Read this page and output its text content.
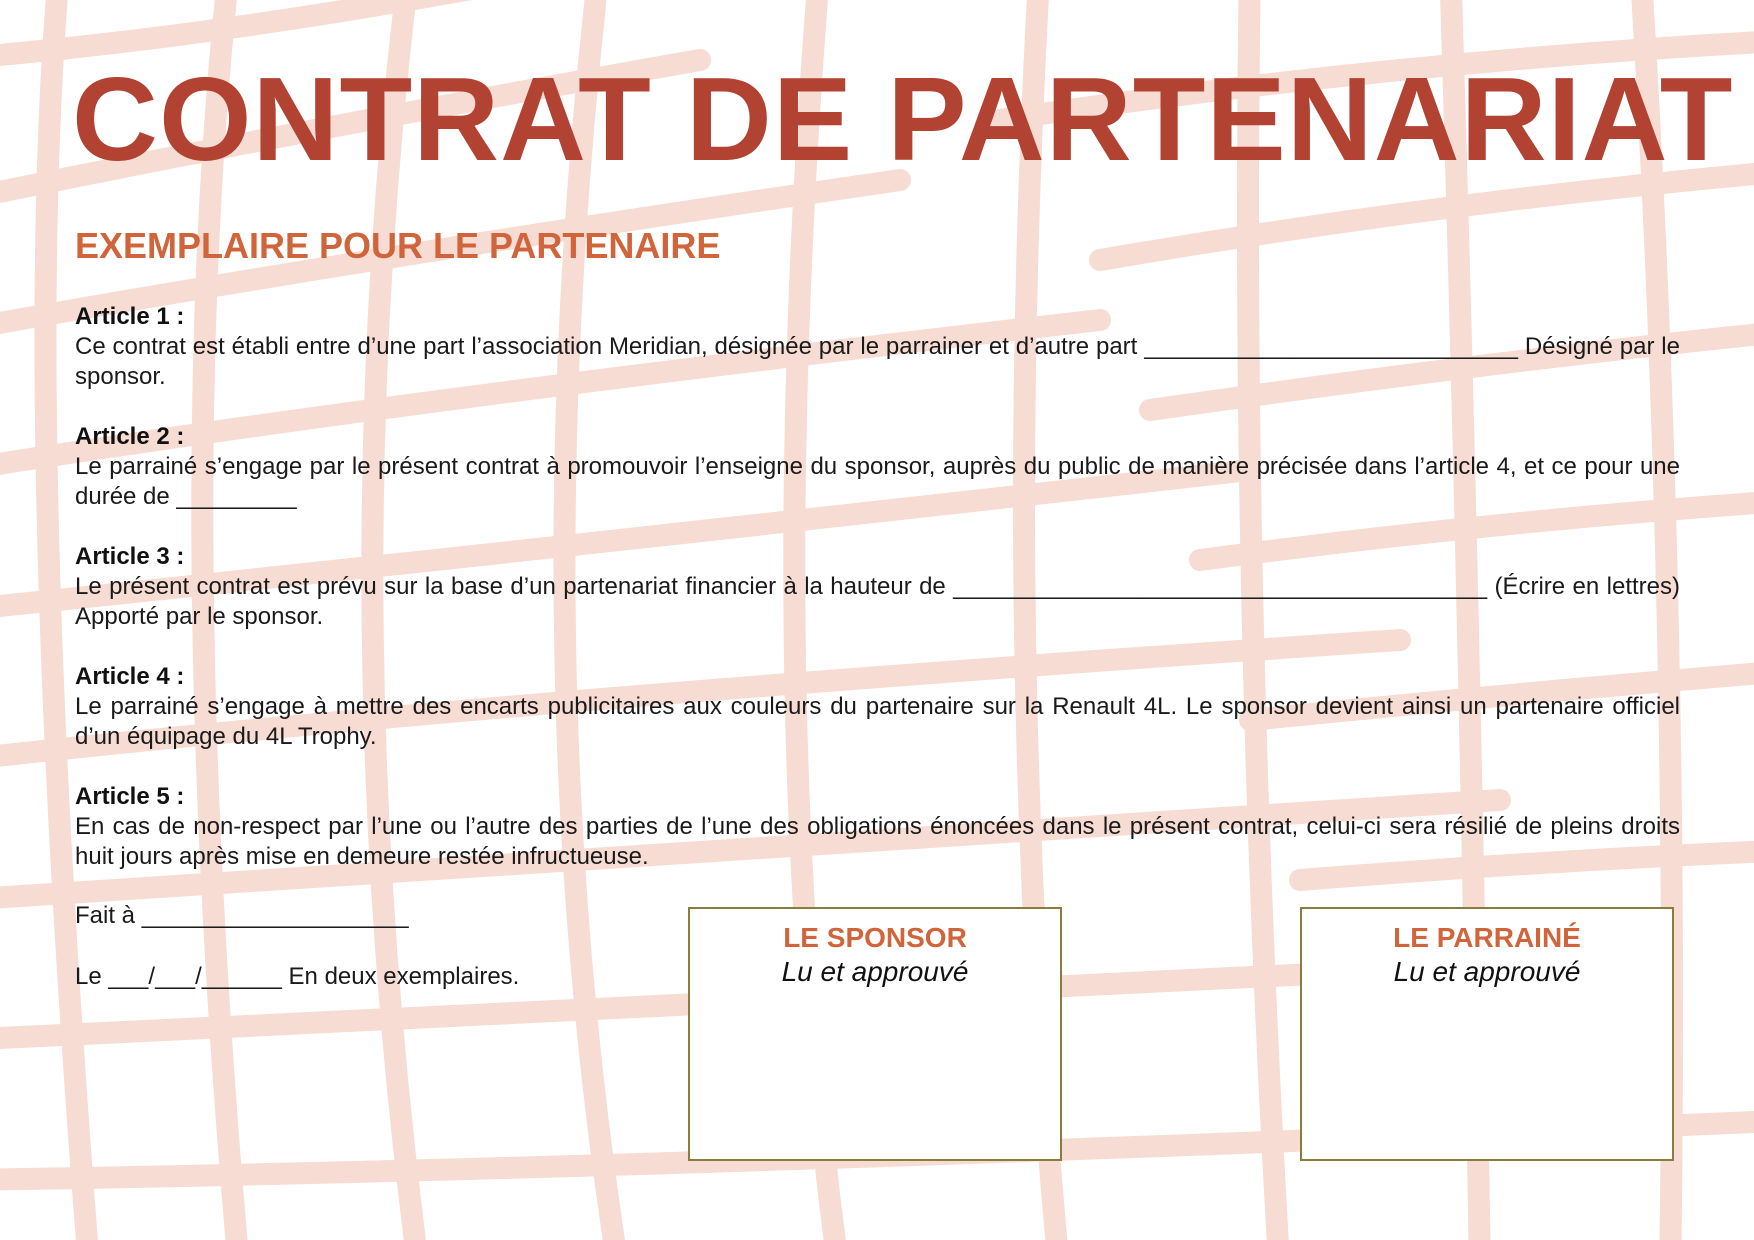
CONTRAT DE PARTENARIAT
EXEMPLAIRE POUR LE PARTENAIRE
Article 1 :
Ce contrat est établi entre d’une part l’association Meridian, désignée par le parrainer et d’autre part ____________________________ Désigné par le sponsor.
Article 2 :
Le parrainé s’engage par le présent contrat à promouvoir l’enseigne du sponsor, auprès du public de manière précisée dans l’article 4, et ce pour une durée de _________
Article 3 :
Le présent contrat est prévu sur la base d’un partenariat financier à la hauteur de ________________________________________ (Écrire en lettres) Apporté par le sponsor.
Article 4 :
Le parrainé s’engage à mettre des encarts publicitaires aux couleurs du partenaire sur la Renault 4L. Le sponsor devient ainsi un partenaire officiel d’un équipage du 4L Trophy.
Article 5 :
En cas de non-respect par l’une ou l’autre des parties de l’une des obligations énoncées dans le présent contrat, celui-ci sera résilié de pleins droits huit jours après mise en demeure restée infructueuse.
Fait à ____________________
Le ___/___/______ En deux exemplaires.
LE SPONSOR
Lu et approuvé
LE PARRAINÉ
Lu et approuvé
